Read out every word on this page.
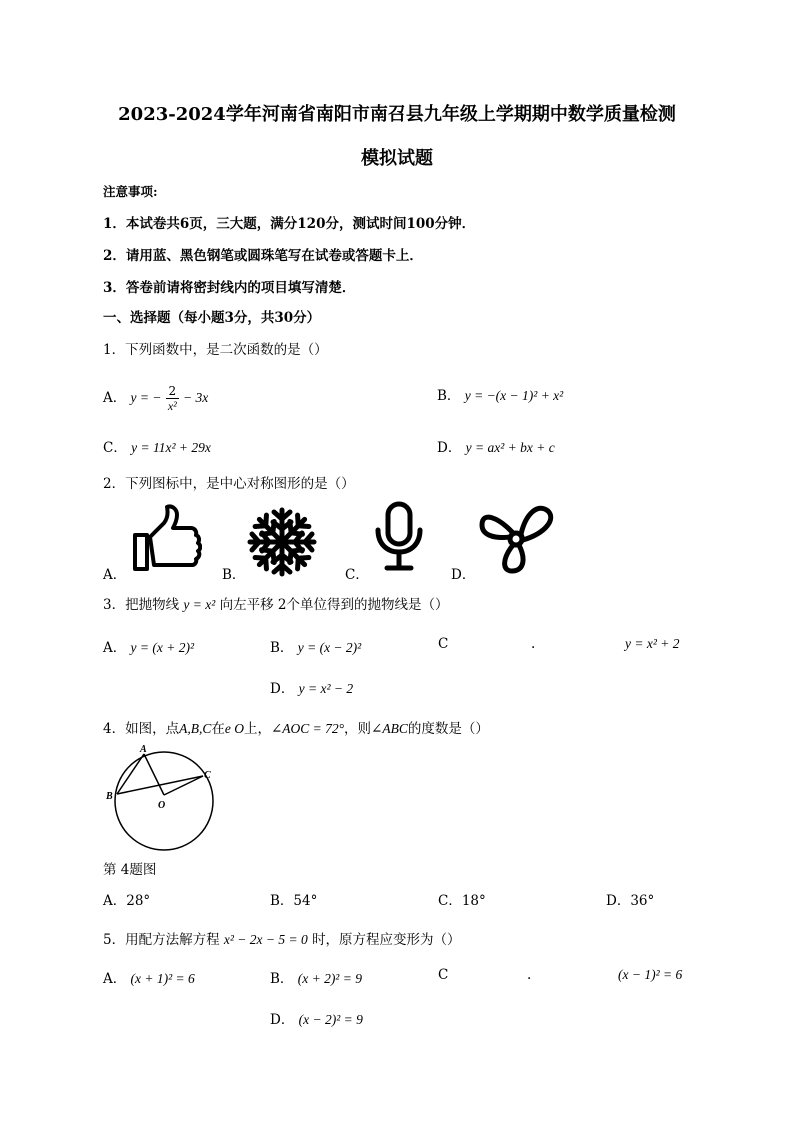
2023-2024学年河南省南阳市南召县九年级上学期期中数学质量检测
模拟试题
注意事项:
1．本试卷共6页，三大题，满分120分，测试时间100分钟．
2．请用蓝、黑色钢笔或圆珠笔写在试卷或答题卡上．
3．答卷前请将密封线内的项目填写清楚．
一、选择题（每小题3分，共30分）
1．下列函数中，是二次函数的是（）
A． y = − $\frac{2}{\text{x²}} - 3x$	B． y = −(x − 1)² + x²
C． y = 11x² + 29x	D． y = ax² + bx + c
2．下列图标中，是中心对称图形的是（）
A．	B．	C．	D．
3．把抛物线 y = x² 向左平移 2个单位得到的抛物线是（）
A． y = (x + 2)²	B． y = (x − 2)²	C	.	y = x² + 2
D． y = x² − 2
4．如图，点A,B,C在e O上，∠AOC = 72°，则∠ABC的度数是（）
A
B
C
O
第 4题图
A．28°	B．54°	C．18°	D．36°
5．用配方法解方程 x² − 2x − 5 = 0 时，原方程应变形为（）
A． (x + 1)² = 6	B． (x + 2)² = 9	C	.	(x − 1)² = 6
D． (x − 2)² = 9
